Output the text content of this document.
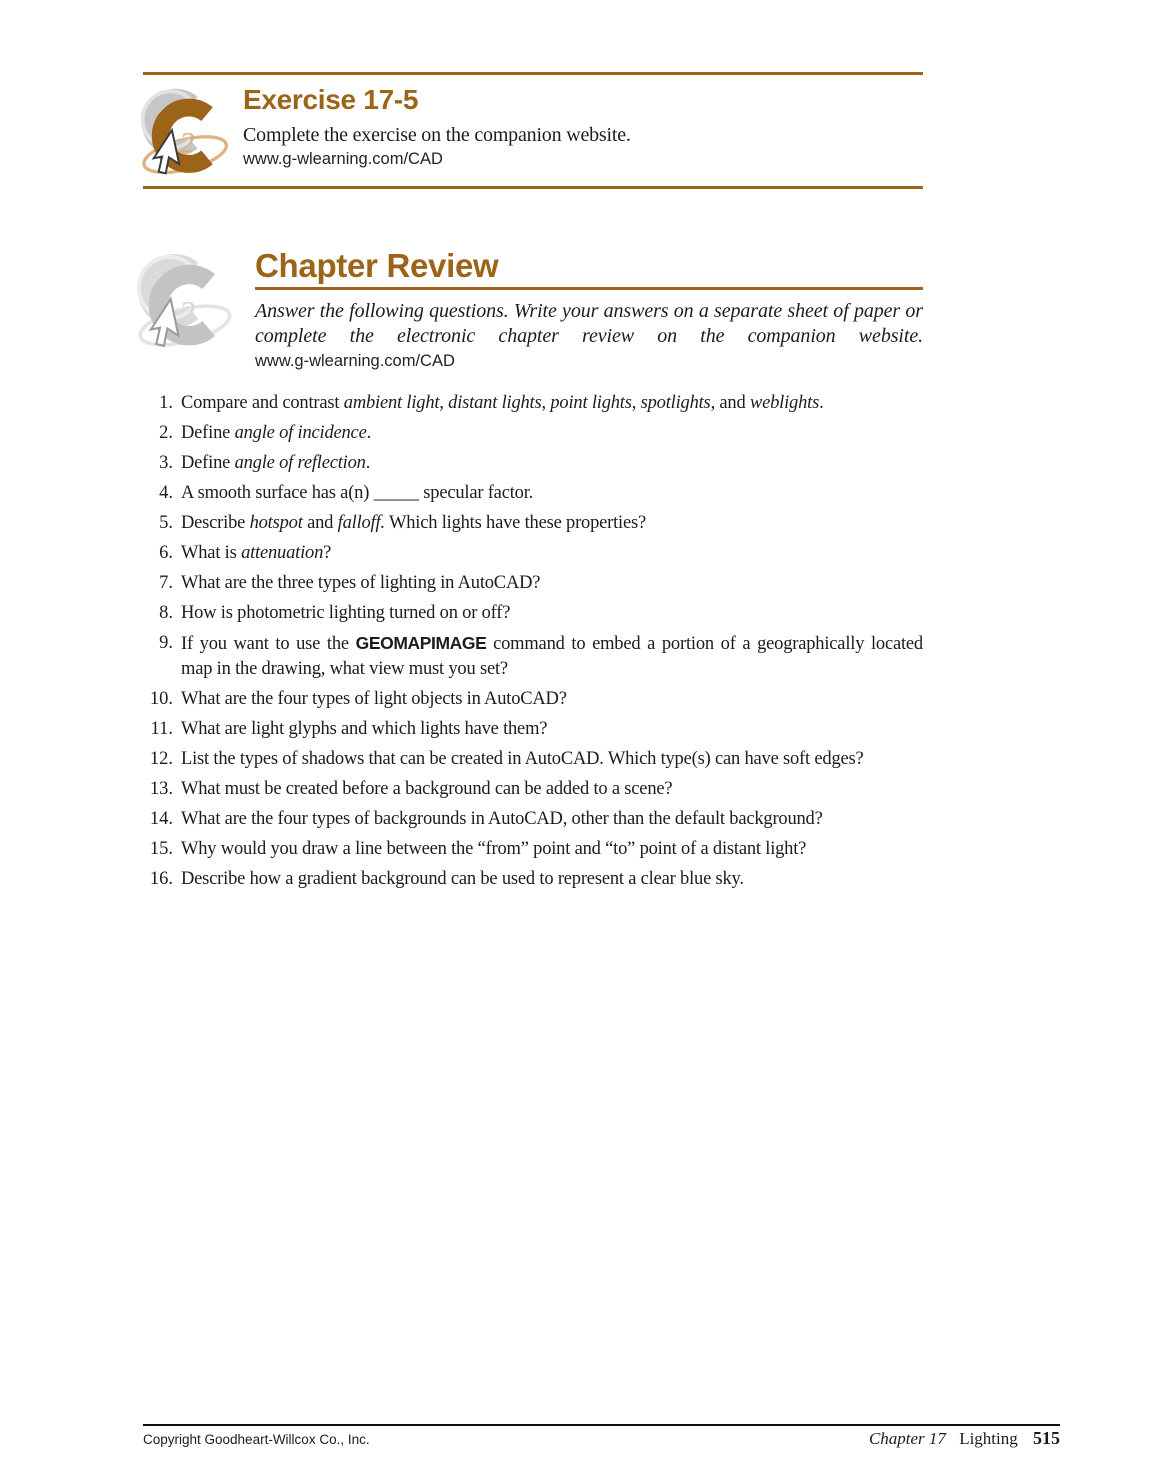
2
Exercise 17-5

Complete the exercise on the companion website.

www.g-wlearning.com/CAD

2
Chapter Review

Answer the following questions. Write your answers on a separate sheet of paper or complete the electronic chapter review on the companion website.

www.g-wlearning.com/CAD

1. Compare and contrast ambient light, distant lights, point lights, spotlights, and weblights.
2. Define angle of incidence.
3. Define angle of reflection.
4. A smooth surface has a(n) _____ specular factor.
5. Describe hotspot and falloff. Which lights have these properties?
6. What is attenuation?
7. What are the three types of lighting in AutoCAD?
8. How is photometric lighting turned on or off?
9. If you want to use the GEOMAPIMAGE command to embed a portion of a geographically located map in the drawing, what view must you set?
10. What are the four types of light objects in AutoCAD?
11. What are light glyphs and which lights have them?
12. List the types of shadows that can be created in AutoCAD. Which type(s) can have soft edges?
13. What must be created before a background can be added to a scene?
14. What are the four types of backgrounds in AutoCAD, other than the default background?
15. Why would you draw a line between the “from” point and “to” point of a distant light?
16. Describe how a gradient background can be used to represent a clear blue sky.
Copyright Goodheart-Willcox Co., Inc.	Chapter 17 Lighting 515
